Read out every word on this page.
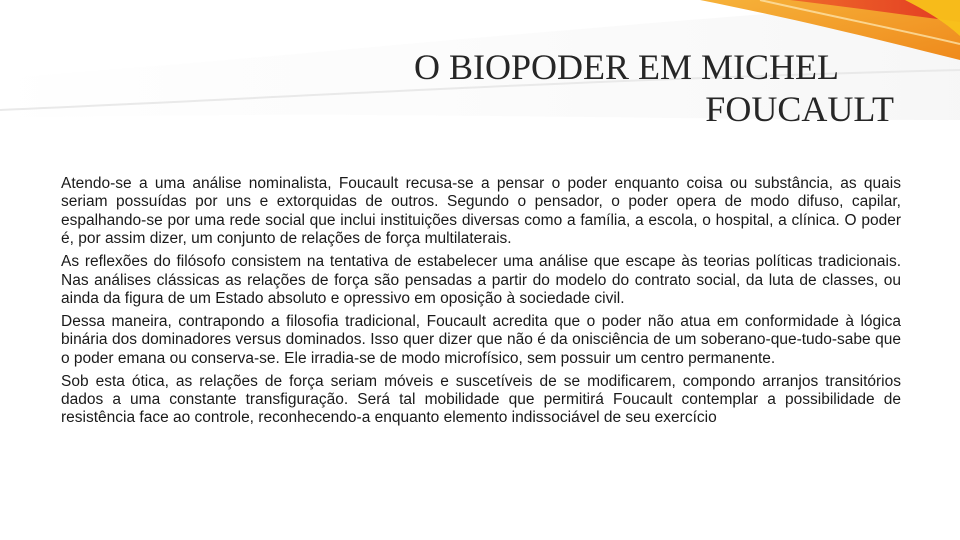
O BIOPODER EM MICHEL
FOUCAULT

Atendo-se a uma análise nominalista, Foucault recusa-se a pensar o poder enquanto coisa ou substância, as quais seriam possuídas por uns e extorquidas de outros. Segundo o pensador, o poder opera de modo difuso, capilar, espalhando-se por uma rede social que inclui instituições diversas como a família, a escola, o hospital, a clínica. O poder é, por assim dizer, um conjunto de relações de força multilaterais.

As reflexões do filósofo consistem na tentativa de estabelecer uma análise que escape às teorias políticas tradicionais. Nas análises clássicas as relações de força são pensadas a partir do modelo do contrato social, da luta de classes, ou ainda da figura de um Estado absoluto e opressivo em oposição à sociedade civil.

Dessa maneira, contrapondo a filosofia tradicional, Foucault acredita que o poder não atua em conformidade à lógica binária dos dominadores versus dominados. Isso quer dizer que não é da onisciência de um soberano-que-tudo-sabe que o poder emana ou conserva-se. Ele irradia-se de modo microfísico, sem possuir um centro permanente.

Sob esta ótica, as relações de força seriam móveis e suscetíveis de se modificarem, compondo arranjos transitórios dados a uma constante transfiguração. Será tal mobilidade que permitirá Foucault contemplar a possibilidade de resistência face ao controle, reconhecendo-a enquanto elemento indissociável de seu exercício
